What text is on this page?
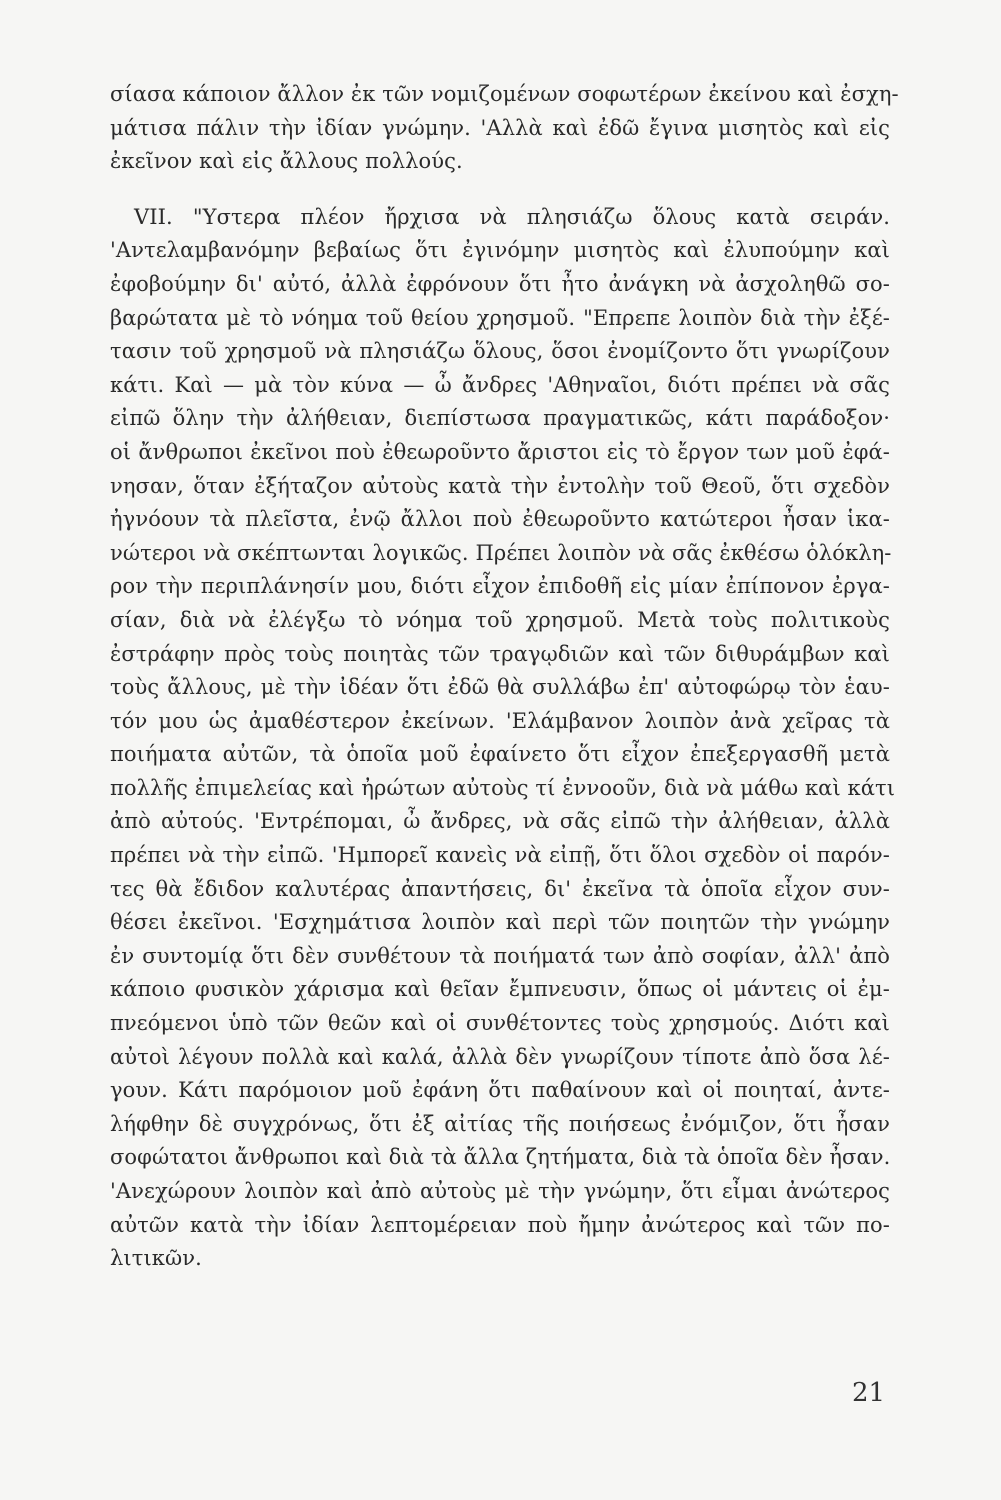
σίασα κάποιον ἄλλον ἐκ τῶν νομιζομένων σοφωτέρων ἐκείνου καὶ ἐσχη-
μάτισα πάλιν τὴν ἰδίαν γνώμην. 'Αλλὰ καὶ ἐδῶ ἔγινα μισητὸς καὶ εἰς
ἐκεῖνον καὶ εἰς ἄλλους πολλούς.
VII. "Υστερα πλέον ἤρχισα νὰ πλησιάζω ὅλους κατὰ σειράν.
'Αντελαμβανόμην βεβαίως ὅτι ἐγινόμην μισητὸς καὶ ἐλυπούμην καὶ
ἐφοβούμην δι' αὐτό, ἀλλὰ ἐφρόνουν ὅτι ἦτο ἀνάγκη νὰ ἀσχοληθῶ σο-
βαρώτατα μὲ τὸ νόημα τοῦ θείου χρησμοῦ. "Επρεπε λοιπὸν διὰ τὴν ἐξέ-
τασιν τοῦ χρησμοῦ νὰ πλησιάζω ὅλους, ὅσοι ἐνομίζοντο ὅτι γνωρίζουν
κάτι. Καὶ — μὰ τὸν κύνα — ὦ ἄνδρες 'Αθηναῖοι, διότι πρέπει νὰ σᾶς
εἰπῶ ὅλην τὴν ἀλήθειαν, διεπίστωσα πραγματικῶς, κάτι παράδοξον·
οἱ ἄνθρωποι ἐκεῖνοι ποὺ ἐθεωροῦντο ἄριστοι εἰς τὸ ἔργον των μοῦ ἐφά-
νησαν, ὅταν ἐξήταζον αὐτοὺς κατὰ τὴν ἐντολὴν τοῦ Θεοῦ, ὅτι σχεδὸν
ἠγνόουν τὰ πλεῖστα, ἐνῷ ἄλλοι ποὺ ἐθεωροῦντο κατώτεροι ἦσαν ἱκα-
νώτεροι νὰ σκέπτωνται λογικῶς. Πρέπει λοιπὸν νὰ σᾶς ἐκθέσω ὁλόκλη-
ρον τὴν περιπλάνησίν μου, διότι εἶχον ἐπιδοθῆ εἰς μίαν ἐπίπονον ἐργα-
σίαν, διὰ νὰ ἐλέγξω τὸ νόημα τοῦ χρησμοῦ. Μετὰ τοὺς πολιτικοὺς
ἐστράφην πρὸς τοὺς ποιητὰς τῶν τραγῳδιῶν καὶ τῶν διθυράμβων καὶ
τοὺς ἄλλους, μὲ τὴν ἰδέαν ὅτι ἐδῶ θὰ συλλάβω ἐπ' αὐτοφώρῳ τὸν ἑαυ-
τόν μου ὡς ἀμαθέστερον ἐκείνων. 'Ελάμβανον λοιπὸν ἀνὰ χεῖρας τὰ
ποιήματα αὐτῶν, τὰ ὁποῖα μοῦ ἐφαίνετο ὅτι εἶχον ἐπεξεργασθῆ μετὰ
πολλῆς ἐπιμελείας καὶ ἠρώτων αὐτοὺς τί ἐννοοῦν, διὰ νὰ μάθω καὶ κάτι
ἀπὸ αὐτούς. 'Εντρέπομαι, ὦ ἄνδρες, νὰ σᾶς εἰπῶ τὴν ἀλήθειαν, ἀλλὰ
πρέπει νὰ τὴν εἰπῶ. 'Ημπορεῖ κανεὶς νὰ εἰπῇ, ὅτι ὅλοι σχεδὸν οἱ παρόν-
τες θὰ ἔδιδον καλυτέρας ἀπαντήσεις, δι' ἐκεῖνα τὰ ὁποῖα εἶχον συν-
θέσει ἐκεῖνοι. 'Εσχημάτισα λοιπὸν καὶ περὶ τῶν ποιητῶν τὴν γνώμην
ἐν συντομίᾳ ὅτι δὲν συνθέτουν τὰ ποιήματά των ἀπὸ σοφίαν, ἀλλ' ἀπὸ
κάποιο φυσικὸν χάρισμα καὶ θεῖαν ἔμπνευσιν, ὅπως οἱ μάντεις οἱ ἐμ-
πνεόμενοι ὑπὸ τῶν θεῶν καὶ οἱ συνθέτοντες τοὺς χρησμούς. Διότι καὶ
αὐτοὶ λέγουν πολλὰ καὶ καλά, ἀλλὰ δὲν γνωρίζουν τίποτε ἀπὸ ὅσα λέ-
γουν. Κάτι παρόμοιον μοῦ ἐφάνη ὅτι παθαίνουν καὶ οἱ ποιηταί, ἀντε-
λήφθην δὲ συγχρόνως, ὅτι ἐξ αἰτίας τῆς ποιήσεως ἐνόμιζον, ὅτι ἦσαν
σοφώτατοι ἄνθρωποι καὶ διὰ τὰ ἄλλα ζητήματα, διὰ τὰ ὁποῖα δὲν ἦσαν.
'Ανεχώρουν λοιπὸν καὶ ἀπὸ αὐτοὺς μὲ τὴν γνώμην, ὅτι εἶμαι ἀνώτερος
αὐτῶν κατὰ τὴν ἰδίαν λεπτομέρειαν ποὺ ἤμην ἀνώτερος καὶ τῶν πο-
λιτικῶν.
21
